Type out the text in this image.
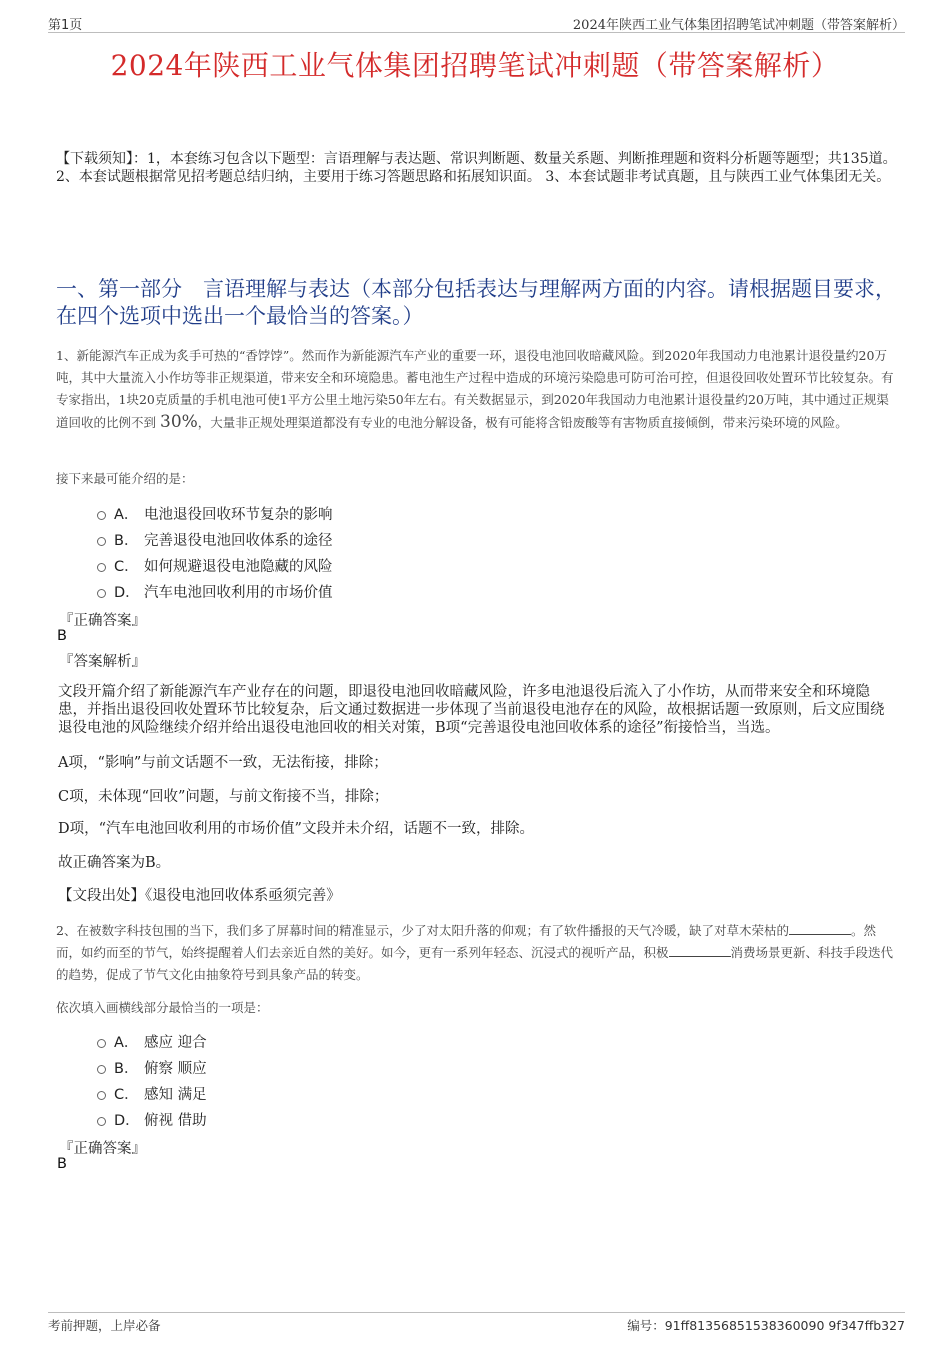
第1页	2024年陕西工业气体集团招聘笔试冲刺题（带答案解析）
2024年陕西工业气体集团招聘笔试冲刺题（带答案解析）
【下载须知】：1，本套练习包含以下题型：言语理解与表达题、常识判断题、数量关系题、判断推理题和资料分析题等题型；共135道。 2、本套试题根据常见招考题总结归纳，主要用于练习答题思路和拓展知识面。 3、本套试题非考试真题，且与陕西工业气体集团无关。
一、第一部分　言语理解与表达（本部分包括表达与理解两方面的内容。请根据题目要求，在四个选项中选出一个最恰当的答案。）
1、新能源汽车正成为炙手可热的“香饽饽”。然而作为新能源汽车产业的重要一环，退役电池回收暗藏风险。到2020年我国动力电池累计退役量约20万吨，其中大量流入小作坊等非正规渠道，带来安全和环境隐患。蓄电池生产过程中造成的环境污染隐患可防可治可控，但退役回收处置环节比较复杂。有专家指出，1块20克质量的手机电池可使1平方公里土地污染50年左右。有关数据显示，到2020年我国动力电池累计退役量约20万吨，其中通过正规渠道回收的比例不到 30%，大量非正规处理渠道都没有专业的电池分解设备，极有可能将含铅废酸等有害物质直接倾倒，带来污染环境的风险。
接下来最可能介绍的是：
A． 电池退役回收环节复杂的影响
B． 完善退役电池回收体系的途径
C． 如何规避退役电池隐藏的风险
D． 汽车电池回收利用的市场价值
『正确答案』
B
『答案解析』
文段开篇介绍了新能源汽车产业存在的问题，即退役电池回收暗藏风险，许多电池退役后流入了小作坊，从而带来安全和环境隐患，并指出退役回收处置环节比较复杂，后文通过数据进一步体现了当前退役电池存在的风险，故根据话题一致原则，后文应围绕退役电池的风险继续介绍并给出退役电池回收的相关对策，B项“完善退役电池回收体系的途径”衔接恰当，当选。
A项，“影响”与前文话题不一致，无法衔接，排除；
C项，未体现“回收”问题，与前文衔接不当，排除；
D项，“汽车电池回收利用的市场价值”文段并未介绍，话题不一致，排除。
故正确答案为B。
【文段出处】《退役电池回收体系亟须完善》
2、在被数字科技包围的当下，我们多了屏幕时间的精准显示，少了对太阳升落的仰观；有了软件播报的天气冷暖，缺了对草木荣枯的	。然而，如约而至的节气，始终提醒着人们去亲近自然的美好。如今，更有一系列年轻态、沉浸式的视听产品，积极	消费场景更新、科技手段迭代的趋势，促成了节气文化由抽象符号到具象产品的转变。
依次填入画横线部分最恰当的一项是：
A． 感应 迎合
B． 俯察 顺应
C． 感知 满足
D． 俯视 借助
『正确答案』
B
考前押题，上岸必备	编号：91ff81356851538360090 9f347ffb327
